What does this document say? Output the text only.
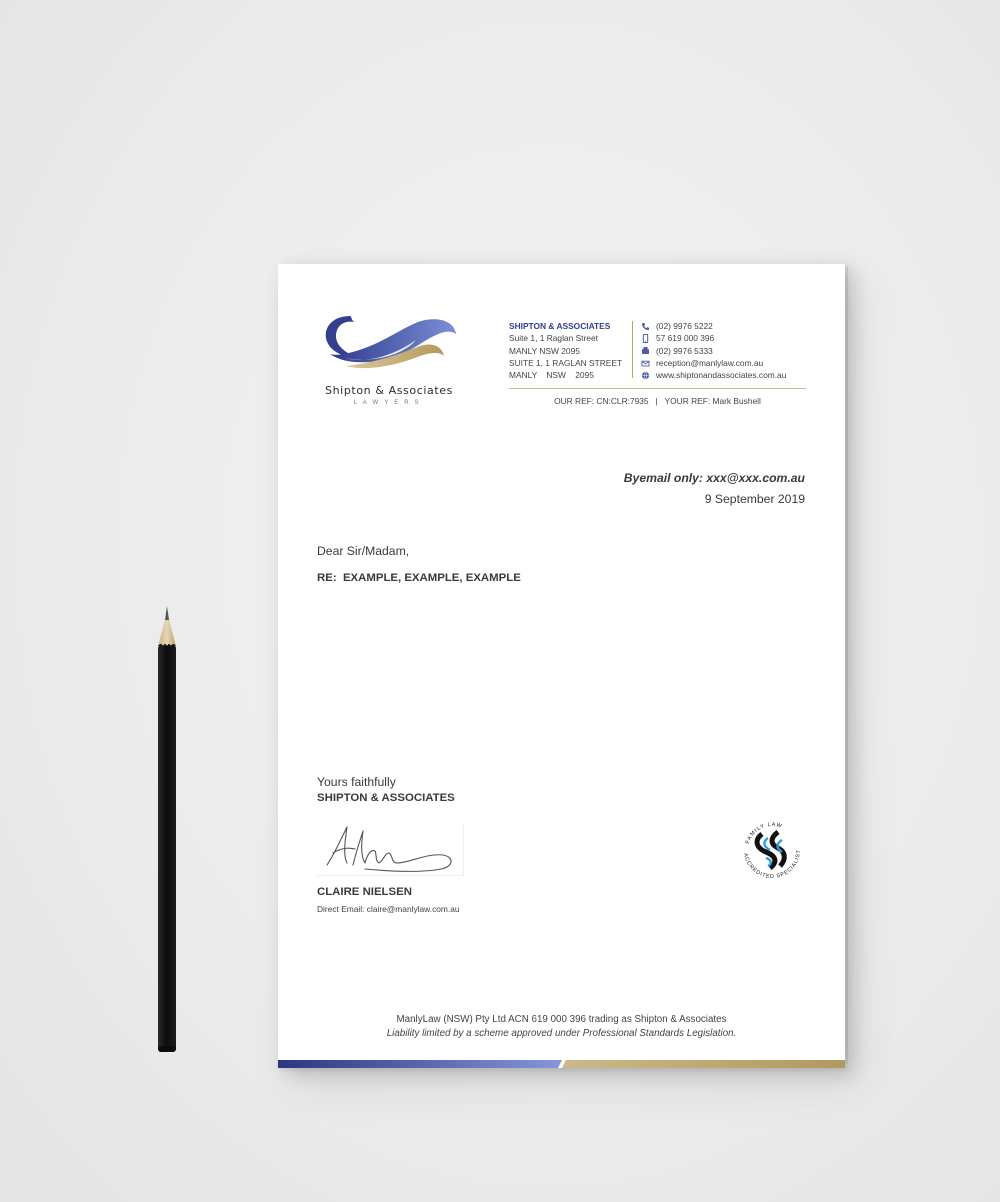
Shipton & Associates
LAWYERS
SHIPTON & ASSOCIATES
Suite 1, 1 Raglan Street
MANLY NSW 2095
SUITE 1, 1 RAGLAN STREET
MANLY    NSW    2095
(02) 9976 5222
57 619 000 396
(02) 9976 5333
reception@manlylaw.com.au
www.shiptonandassociates.com.au
OUR REF: CN:CLR:7935   |   YOUR REF: Mark Bushell
Byemail only: xxx@xxx.com.au
9 September 2019
Dear Sir/Madam,
RE:  EXAMPLE, EXAMPLE, EXAMPLE
Yours faithfully
SHIPTON & ASSOCIATES
CLAIRE NIELSEN
Direct Email: claire@manlylaw.com.au
FAMILY LAW
ACCREDITED SPECIALIST
ManlyLaw (NSW) Pty Ltd ACN 619 000 396 trading as Shipton & Associates
Liability limited by a scheme approved under Professional Standards Legislation.
